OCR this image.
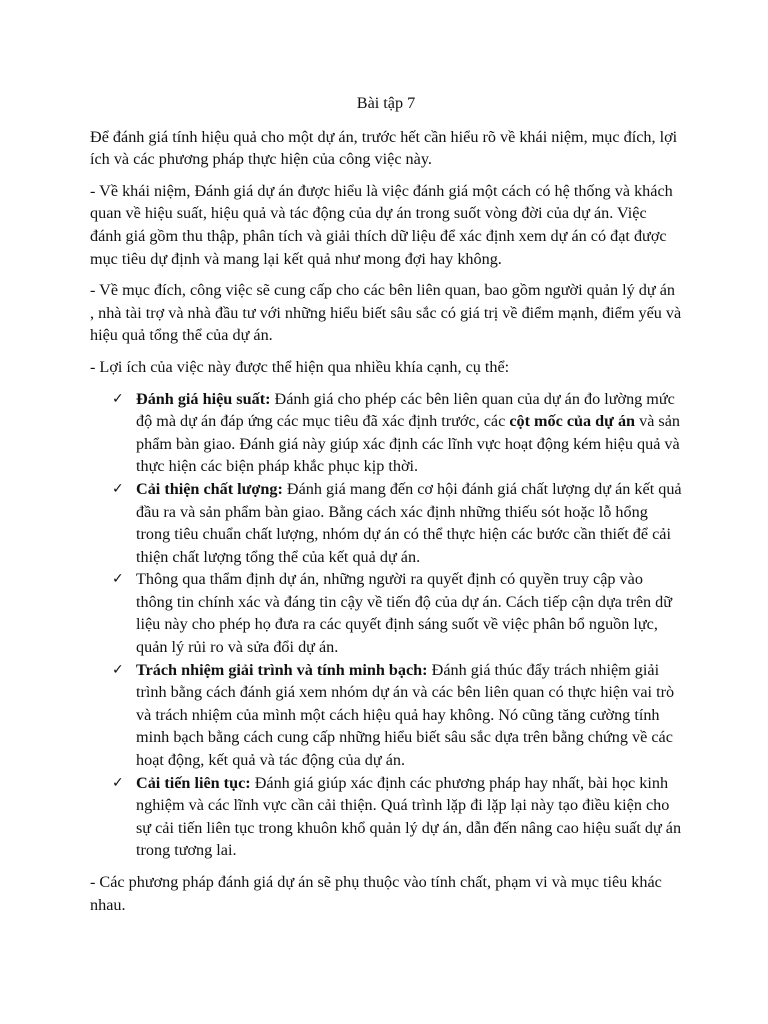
Bài tập 7

Để đánh giá tính hiệu quả cho một dự án, trước hết cần hiểu rõ về khái niệm, mục đích, lợi ích và các phương pháp thực hiện của công việc này.

- Về khái niệm, Đánh giá dự án được hiểu là việc đánh giá một cách có hệ thống và khách quan về hiệu suất, hiệu quả và tác động của dự án trong suốt vòng đời của dự án. Việc đánh giá gồm thu thập, phân tích và giải thích dữ liệu để xác định xem dự án có đạt được mục tiêu dự định và mang lại kết quả như mong đợi hay không.

- Về mục đích, công việc sẽ cung cấp cho các bên liên quan, bao gồm người quản lý dự án , nhà tài trợ và nhà đầu tư với những hiểu biết sâu sắc có giá trị về điểm mạnh, điểm yếu và hiệu quả tổng thể của dự án.

- Lợi ích của việc này được thể hiện qua nhiều khía cạnh, cụ thể:

✓ Đánh giá hiệu suất: Đánh giá cho phép các bên liên quan của dự án đo lường mức độ mà dự án đáp ứng các mục tiêu đã xác định trước, các cột mốc của dự án và sản phẩm bàn giao. Đánh giá này giúp xác định các lĩnh vực hoạt động kém hiệu quả và thực hiện các biện pháp khắc phục kịp thời.
✓ Cải thiện chất lượng: Đánh giá mang đến cơ hội đánh giá chất lượng dự án kết quả đầu ra và sản phẩm bàn giao. Bằng cách xác định những thiếu sót hoặc lỗ hổng trong tiêu chuẩn chất lượng, nhóm dự án có thể thực hiện các bước cần thiết để cải thiện chất lượng tổng thể của kết quả dự án.
✓ Thông qua thẩm định dự án, những người ra quyết định có quyền truy cập vào thông tin chính xác và đáng tin cậy về tiến độ của dự án. Cách tiếp cận dựa trên dữ liệu này cho phép họ đưa ra các quyết định sáng suốt về việc phân bổ nguồn lực, quản lý rủi ro và sửa đổi dự án.
✓ Trách nhiệm giải trình và tính minh bạch: Đánh giá thúc đẩy trách nhiệm giải trình bằng cách đánh giá xem nhóm dự án và các bên liên quan có thực hiện vai trò và trách nhiệm của mình một cách hiệu quả hay không. Nó cũng tăng cường tính minh bạch bằng cách cung cấp những hiểu biết sâu sắc dựa trên bằng chứng về các hoạt động, kết quả và tác động của dự án.
✓ Cải tiến liên tục: Đánh giá giúp xác định các phương pháp hay nhất, bài học kinh nghiệm và các lĩnh vực cần cải thiện. Quá trình lặp đi lặp lại này tạo điều kiện cho sự cải tiến liên tục trong khuôn khổ quản lý dự án, dẫn đến nâng cao hiệu suất dự án trong tương lai.

- Các phương pháp đánh giá dự án sẽ phụ thuộc vào tính chất, phạm vi và mục tiêu khác nhau.
